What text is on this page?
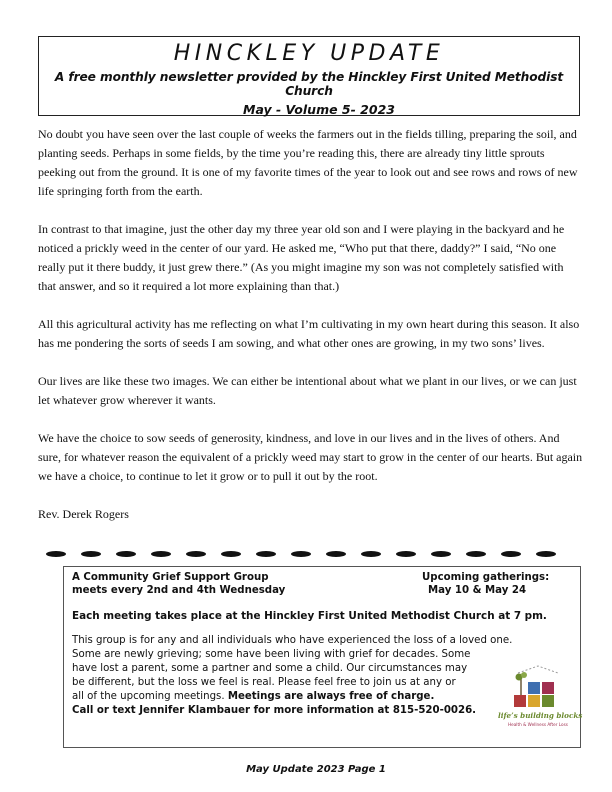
HINCKLEY UPDATE
A free monthly newsletter provided by the Hinckley First United Methodist Church
May - Volume 5- 2023

No doubt you have seen over the last couple of weeks the farmers out in the fields tilling, preparing the soil, and planting seeds. Perhaps in some fields, by the time you’re reading this, there are already tiny little sprouts peeking out from the ground. It is one of my favorite times of the year to look out and see rows and rows of new life springing forth from the earth.

In contrast to that imagine, just the other day my three year old son and I were playing in the backyard and he noticed a prickly weed in the center of our yard. He asked me, “Who put that there, daddy?” I said, “No one really put it there buddy, it just grew there.” (As you might imagine my son was not completely satisfied with that answer, and so it required a lot more explaining than that.)

All this agricultural activity has me reflecting on what I’m cultivating in my own heart during this season. It also has me pondering the sorts of seeds I am sowing, and what other ones are growing, in my two sons’ lives.

Our lives are like these two images. We can either be intentional about what we plant in our lives, or we can just let whatever grow wherever it wants.

We have the choice to sow seeds of generosity, kindness, and love in our lives and in the lives of others. And sure, for whatever reason the equivalent of a prickly weed may start to grow in the center of our hearts. But again we have a choice, to continue to let it grow or to pull it out by the root.

Rev. Derek Rogers

A Community Grief Support Group
meets every 2nd and 4th Wednesday
Upcoming gatherings:
May 10 & May 24
Each meeting takes place at the Hinckley First United Methodist Church at 7 pm.
This group is for any and all individuals who have experienced the loss of a loved one.
Some are newly grieving; some have been living with grief for decades. Some
have lost a parent, some a partner and some a child. Our circumstances may
be different, but the loss we feel is real. Please feel free to join us at any or
all of the upcoming meetings. Meetings are always free of charge.
Call or text Jennifer Klambauer for more information at 815-520-0026.	life’s building blocks
Health & Wellness After Loss
May Update 2023 Page 1
